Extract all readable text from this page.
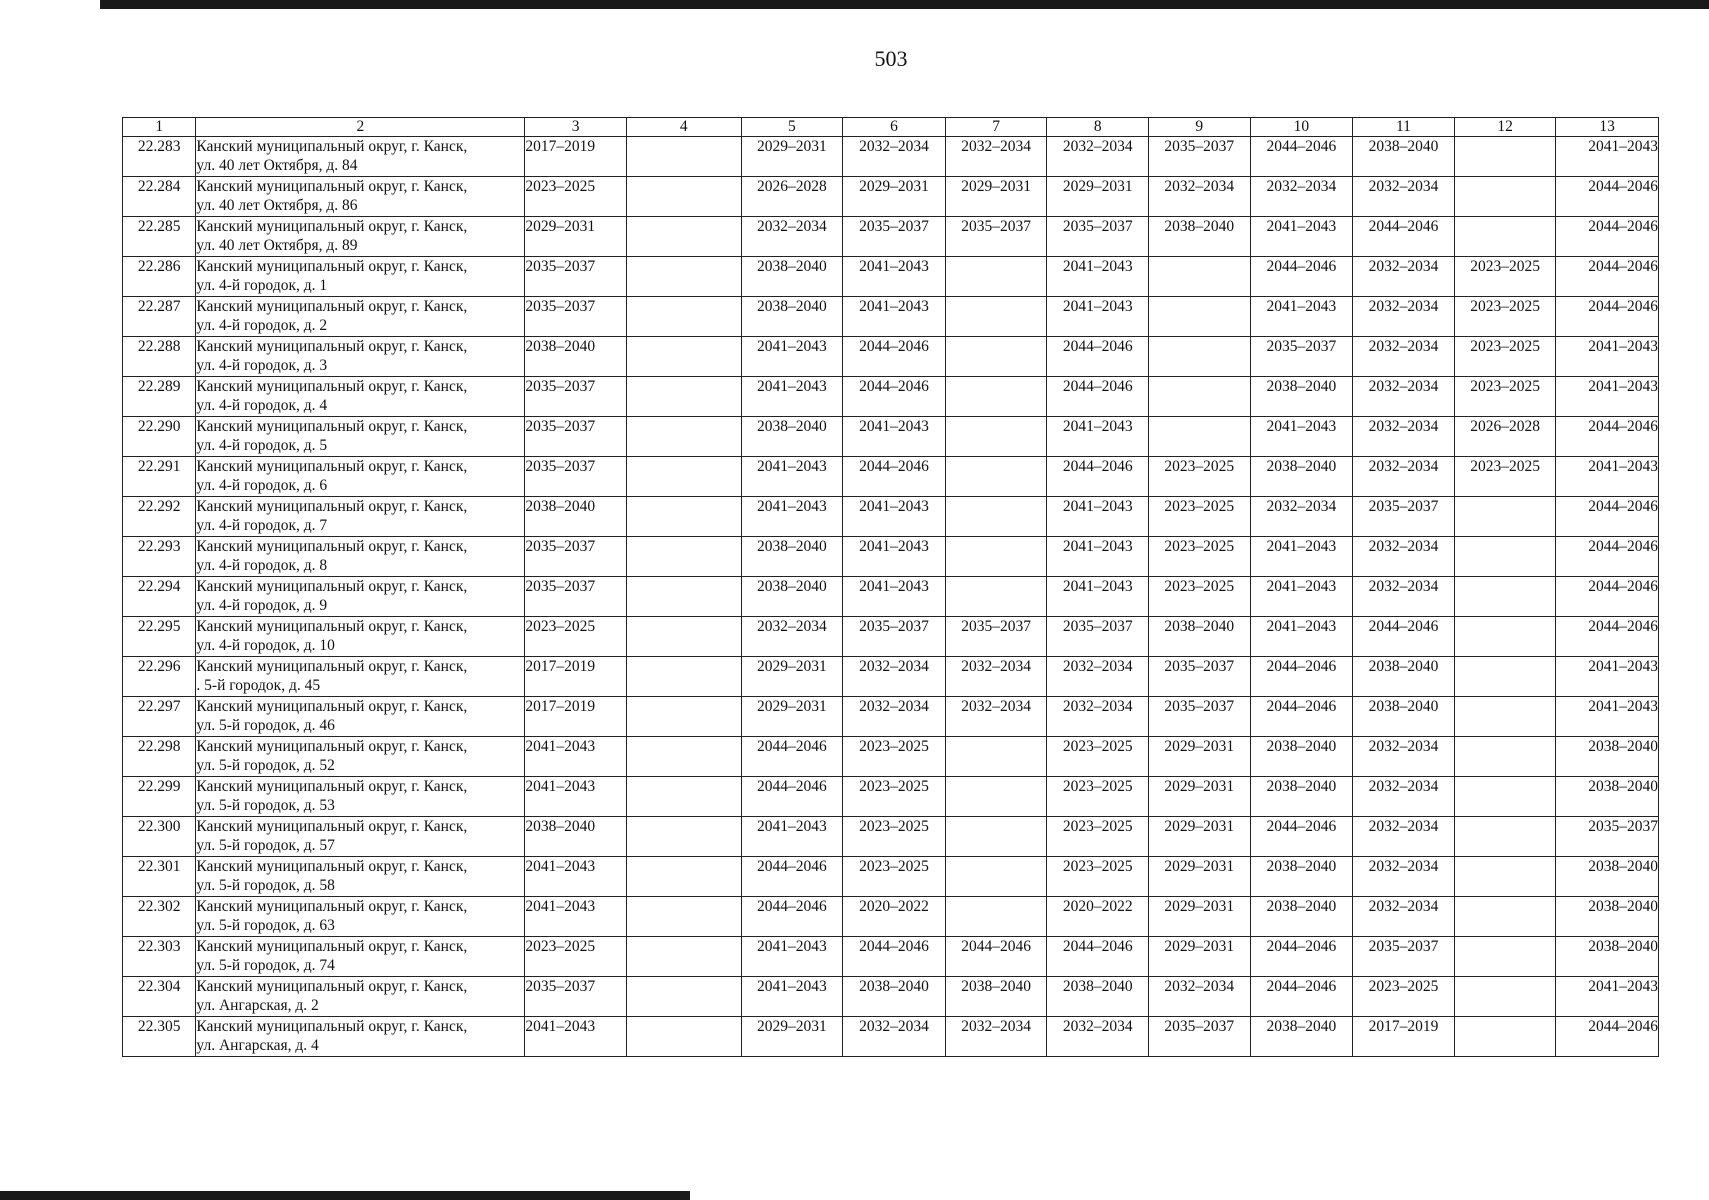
503
1	2	3	4	5	6	7	8	9	10	11	12	13
22.283	Канский муниципальный округ, г. Канск,
ул. 40 лет Октября, д. 84	2017–2019		2029–2031	2032–2034	2032–2034	2032–2034	2035–2037	2044–2046	2038–2040		2041–2043
22.284	Канский муниципальный округ, г. Канск,
ул. 40 лет Октября, д. 86	2023–2025		2026–2028	2029–2031	2029–2031	2029–2031	2032–2034	2032–2034	2032–2034		2044–2046
22.285	Канский муниципальный округ, г. Канск,
ул. 40 лет Октября, д. 89	2029–2031		2032–2034	2035–2037	2035–2037	2035–2037	2038–2040	2041–2043	2044–2046		2044–2046
22.286	Канский муниципальный округ, г. Канск,
ул. 4-й городок, д. 1	2035–2037		2038–2040	2041–2043		2041–2043		2044–2046	2032–2034	2023–2025	2044–2046
22.287	Канский муниципальный округ, г. Канск,
ул. 4-й городок, д. 2	2035–2037		2038–2040	2041–2043		2041–2043		2041–2043	2032–2034	2023–2025	2044–2046
22.288	Канский муниципальный округ, г. Канск,
ул. 4-й городок, д. 3	2038–2040		2041–2043	2044–2046		2044–2046		2035–2037	2032–2034	2023–2025	2041–2043
22.289	Канский муниципальный округ, г. Канск,
ул. 4-й городок, д. 4	2035–2037		2041–2043	2044–2046		2044–2046		2038–2040	2032–2034	2023–2025	2041–2043
22.290	Канский муниципальный округ, г. Канск,
ул. 4-й городок, д. 5	2035–2037		2038–2040	2041–2043		2041–2043		2041–2043	2032–2034	2026–2028	2044–2046
22.291	Канский муниципальный округ, г. Канск,
ул. 4-й городок, д. 6	2035–2037		2041–2043	2044–2046		2044–2046	2023–2025	2038–2040	2032–2034	2023–2025	2041–2043
22.292	Канский муниципальный округ, г. Канск,
ул. 4-й городок, д. 7	2038–2040		2041–2043	2041–2043		2041–2043	2023–2025	2032–2034	2035–2037		2044–2046
22.293	Канский муниципальный округ, г. Канск,
ул. 4-й городок, д. 8	2035–2037		2038–2040	2041–2043		2041–2043	2023–2025	2041–2043	2032–2034		2044–2046
22.294	Канский муниципальный округ, г. Канск,
ул. 4-й городок, д. 9	2035–2037		2038–2040	2041–2043		2041–2043	2023–2025	2041–2043	2032–2034		2044–2046
22.295	Канский муниципальный округ, г. Канск,
ул. 4-й городок, д. 10	2023–2025		2032–2034	2035–2037	2035–2037	2035–2037	2038–2040	2041–2043	2044–2046		2044–2046
22.296	Канский муниципальный округ, г. Канск,
. 5-й городок, д. 45	2017–2019		2029–2031	2032–2034	2032–2034	2032–2034	2035–2037	2044–2046	2038–2040		2041–2043
22.297	Канский муниципальный округ, г. Канск,
ул. 5-й городок, д. 46	2017–2019		2029–2031	2032–2034	2032–2034	2032–2034	2035–2037	2044–2046	2038–2040		2041–2043
22.298	Канский муниципальный округ, г. Канск,
ул. 5-й городок, д. 52	2041–2043		2044–2046	2023–2025		2023–2025	2029–2031	2038–2040	2032–2034		2038–2040
22.299	Канский муниципальный округ, г. Канск,
ул. 5-й городок, д. 53	2041–2043		2044–2046	2023–2025		2023–2025	2029–2031	2038–2040	2032–2034		2038–2040
22.300	Канский муниципальный округ, г. Канск,
ул. 5-й городок, д. 57	2038–2040		2041–2043	2023–2025		2023–2025	2029–2031	2044–2046	2032–2034		2035–2037
22.301	Канский муниципальный округ, г. Канск,
ул. 5-й городок, д. 58	2041–2043		2044–2046	2023–2025		2023–2025	2029–2031	2038–2040	2032–2034		2038–2040
22.302	Канский муниципальный округ, г. Канск,
ул. 5-й городок, д. 63	2041–2043		2044–2046	2020–2022		2020–2022	2029–2031	2038–2040	2032–2034		2038–2040
22.303	Канский муниципальный округ, г. Канск,
ул. 5-й городок, д. 74	2023–2025		2041–2043	2044–2046	2044–2046	2044–2046	2029–2031	2044–2046	2035–2037		2038–2040
22.304	Канский муниципальный округ, г. Канск,
ул. Ангарская, д. 2	2035–2037		2041–2043	2038–2040	2038–2040	2038–2040	2032–2034	2044–2046	2023–2025		2041–2043
22.305	Канский муниципальный округ, г. Канск,
ул. Ангарская, д. 4	2041–2043		2029–2031	2032–2034	2032–2034	2032–2034	2035–2037	2038–2040	2017–2019		2044–2046
